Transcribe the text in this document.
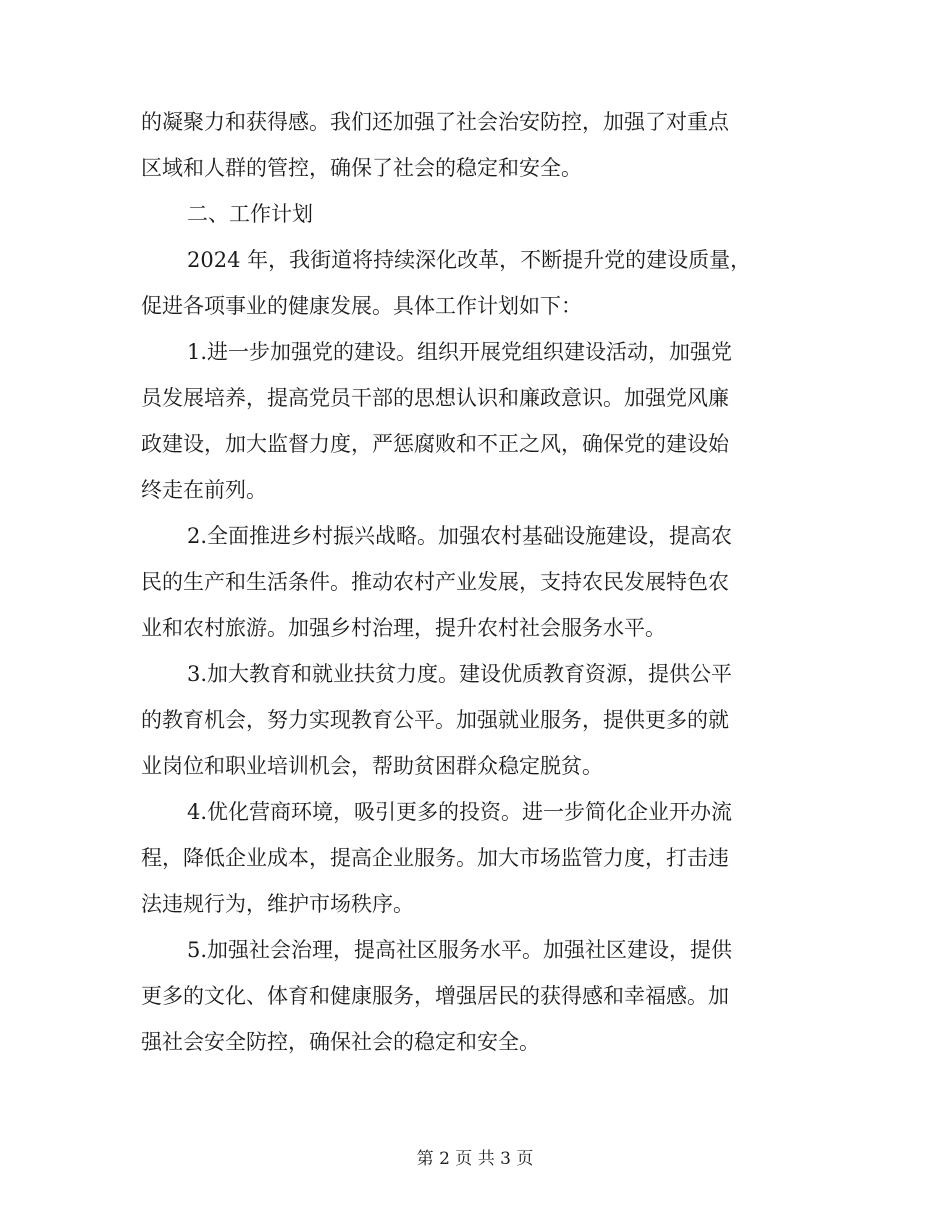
的凝聚力和获得感。我们还加强了社会治安防控，加强了对重点
区域和人群的管控，确保了社会的稳定和安全。
二、工作计划
2024 年，我街道将持续深化改革，不断提升党的建设质量，
促进各项事业的健康发展。具体工作计划如下：
1.进一步加强党的建设。组织开展党组织建设活动，加强党
员发展培养，提高党员干部的思想认识和廉政意识。加强党风廉
政建设，加大监督力度，严惩腐败和不正之风，确保党的建设始
终走在前列。
2.全面推进乡村振兴战略。加强农村基础设施建设，提高农
民的生产和生活条件。推动农村产业发展，支持农民发展特色农
业和农村旅游。加强乡村治理，提升农村社会服务水平。
3.加大教育和就业扶贫力度。建设优质教育资源，提供公平
的教育机会，努力实现教育公平。加强就业服务，提供更多的就
业岗位和职业培训机会，帮助贫困群众稳定脱贫。
4.优化营商环境，吸引更多的投资。进一步简化企业开办流
程，降低企业成本，提高企业服务。加大市场监管力度，打击违
法违规行为，维护市场秩序。
5.加强社会治理，提高社区服务水平。加强社区建设，提供
更多的文化、体育和健康服务，增强居民的获得感和幸福感。加
强社会安全防控，确保社会的稳定和安全。
第 2 页 共 3 页
